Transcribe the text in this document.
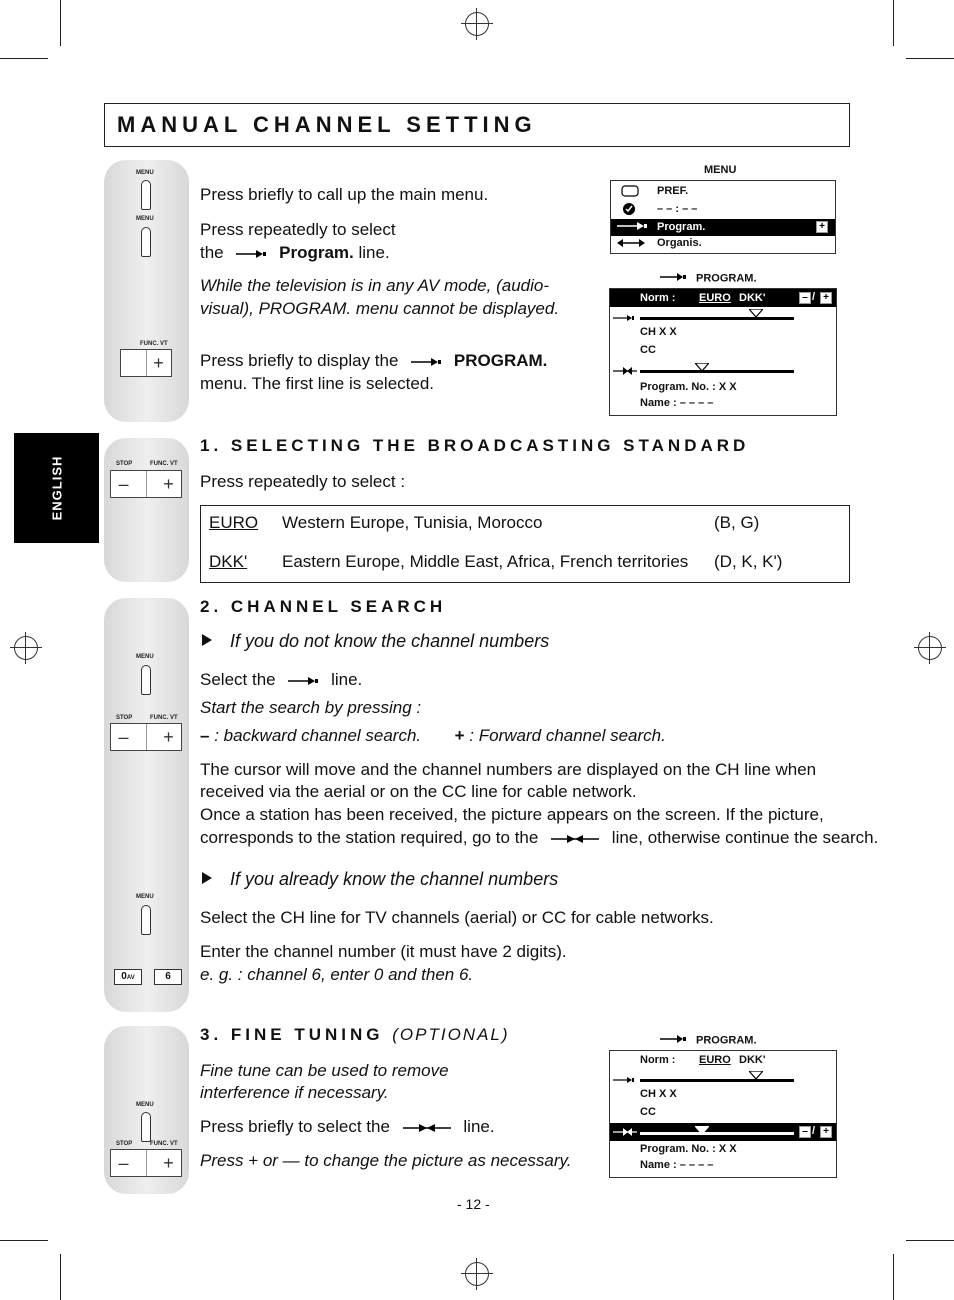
MANUAL CHANNEL SETTING
ENGLISH
MENU
MENU
FUNC. VT
+
STOP	FUNC. VT
–	+
MENU
STOP	FUNC. VT
–	+
MENU
0AV	6
MENU
STOP	FUNC. VT
–	+
Press briefly to call up the main menu.
Press repeatedly to select
the	Program. line.
While the television is in any AV mode, (audio-
visual), PROGRAM. menu cannot be displayed.
Press briefly to display the	PROGRAM.
menu. The first line is selected.
MENU
PREF.
– – : – –
Program.	+
Organis.
PROGRAM.
Norm : EURO DKK'	– / +
CH X X
CC
Program. No. : X X
Name : – – – –
1. SELECTING THE BROADCASTING STANDARD
Press repeatedly to select :
EURO Western Europe, Tunisia, Morocco	(B, G)
DKK' Eastern Europe, Middle East, Africa, French territories (D, K, K')
2. CHANNEL SEARCH
If you do not know the channel numbers
Select the	line.
Start the search by pressing :
– : backward channel search. + : Forward channel search.
The cursor will move and the channel numbers are displayed on the CH line when
received via the aerial or on the CC line for cable network.
Once a station has been received, the picture appears on the screen. If the picture,
corresponds to the station required, go to the	line, otherwise continue the search.
If you already know the channel numbers
Select the CH line for TV channels (aerial) or CC for cable networks.
Enter the channel number (it must have 2 digits).
e. g. : channel 6, enter 0 and then 6.
3. FINE TUNING (OPTIONAL)
Fine tune can be used to remove
interference if necessary.
Press briefly to select the	line.
Press + or — to change the picture as necessary.
PROGRAM.
Norm : EURO DKK'
CH X X
CC
– / +
Program. No. : X X
Name : – – – –
- 12 -
